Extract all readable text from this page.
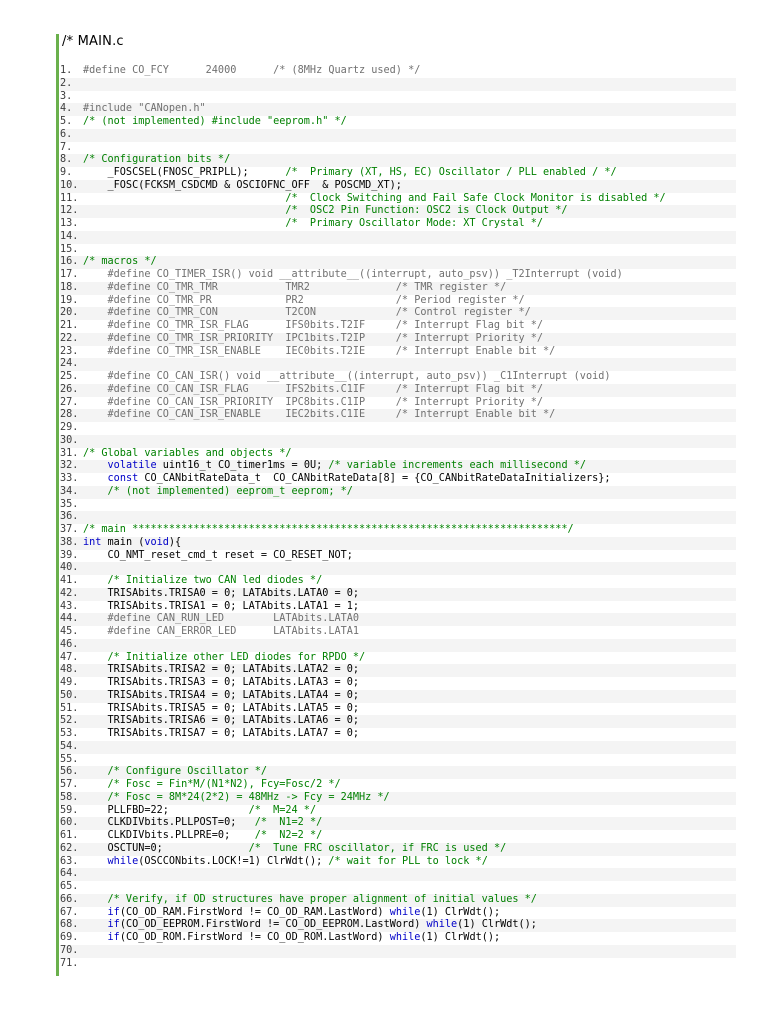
/* MAIN.c
1. #define CO_FCY      24000      /* (8MHz Quartz used) */
2.
3.
4. #include "CANopen.h"
5. /* (not implemented) #include "eeprom.h" */
6.
7.
8. /* Configuration bits */
9.    _FOSCSEL(FNOSC_PRIPLL);      /*  Primary (XT, HS, EC) Oscillator / PLL enabled / */
10.    _FOSC(FCKSM_CSDCMD & OSCIOFNC_OFF  & POSCMD_XT);
11.                                 /*  Clock Switching and Fail Safe Clock Monitor is disabled */
12.                                 /*  OSC2 Pin Function: OSC2 is Clock Output */
13.                                 /*  Primary Oscillator Mode: XT Crystal */
14.
15.
16. /* macros */
17.    #define CO_TIMER_ISR() void __attribute__((interrupt, auto_psv)) _T2Interrupt (void)
18.    #define CO_TMR_TMR           TMR2              /* TMR register */
19.    #define CO_TMR_PR            PR2               /* Period register */
20.    #define CO_TMR_CON           T2CON             /* Control register */
21.    #define CO_TMR_ISR_FLAG      IFS0bits.T2IF     /* Interrupt Flag bit */
22.    #define CO_TMR_ISR_PRIORITY  IPC1bits.T2IP     /* Interrupt Priority */
23.    #define CO_TMR_ISR_ENABLE    IEC0bits.T2IE     /* Interrupt Enable bit */
24.
25.    #define CO_CAN_ISR() void __attribute__((interrupt, auto_psv)) _C1Interrupt (void)
26.    #define CO_CAN_ISR_FLAG      IFS2bits.C1IF     /* Interrupt Flag bit */
27.    #define CO_CAN_ISR_PRIORITY  IPC8bits.C1IP     /* Interrupt Priority */
28.    #define CO_CAN_ISR_ENABLE    IEC2bits.C1IE     /* Interrupt Enable bit */
29.
30.
31. /* Global variables and objects */
32.	volatile uint16_t CO_timer1ms = 0U; /* variable increments each millisecond */
33.	const CO_CANbitRateData_t  CO_CANbitRateData[8] = {CO_CANbitRateDataInitializers};
34.    /* (not implemented) eeprom_t eeprom; */
35.
36.
37. /* main ***********************************************************************/
38. int main (void){
39.    CO_NMT_reset_cmd_t reset = CO_RESET_NOT;
40.
41.    /* Initialize two CAN led diodes */
42.    TRISAbits.TRISA0 = 0; LATAbits.LATA0 = 0;
43.    TRISAbits.TRISA1 = 0; LATAbits.LATA1 = 1;
44.    #define CAN_RUN_LED        LATAbits.LATA0
45.    #define CAN_ERROR_LED      LATAbits.LATA1
46.
47.    /* Initialize other LED diodes for RPDO */
48.    TRISAbits.TRISA2 = 0; LATAbits.LATA2 = 0;
49.    TRISAbits.TRISA3 = 0; LATAbits.LATA3 = 0;
50.    TRISAbits.TRISA4 = 0; LATAbits.LATA4 = 0;
51.    TRISAbits.TRISA5 = 0; LATAbits.LATA5 = 0;
52.    TRISAbits.TRISA6 = 0; LATAbits.LATA6 = 0;
53.    TRISAbits.TRISA7 = 0; LATAbits.LATA7 = 0;
54.
55.
56.    /* Configure Oscillator */
57.    /* Fosc = Fin*M/(N1*N2), Fcy=Fosc/2 */
58.    /* Fosc = 8M*24(2*2) = 48MHz -> Fcy = 24MHz */
59.    PLLFBD=22;             /*  M=24 */
60.    CLKDIVbits.PLLPOST=0;   /*  N1=2 */
61.    CLKDIVbits.PLLPRE=0;    /*  N2=2 */
62.    OSCTUN=0;              /*  Tune FRC oscillator, if FRC is used */
63.	while(OSCCONbits.LOCK!=1) ClrWdt(); /* wait for PLL to lock */
64.
65.
66.    /* Verify, if OD structures have proper alignment of initial values */
67.	if(CO_OD_RAM.FirstWord != CO_OD_RAM.LastWord) while(1) ClrWdt();
68.	if(CO_OD_EEPROM.FirstWord != CO_OD_EEPROM.LastWord) while(1) ClrWdt();
69.	if(CO_OD_ROM.FirstWord != CO_OD_ROM.LastWord) while(1) ClrWdt();
70.
71.
